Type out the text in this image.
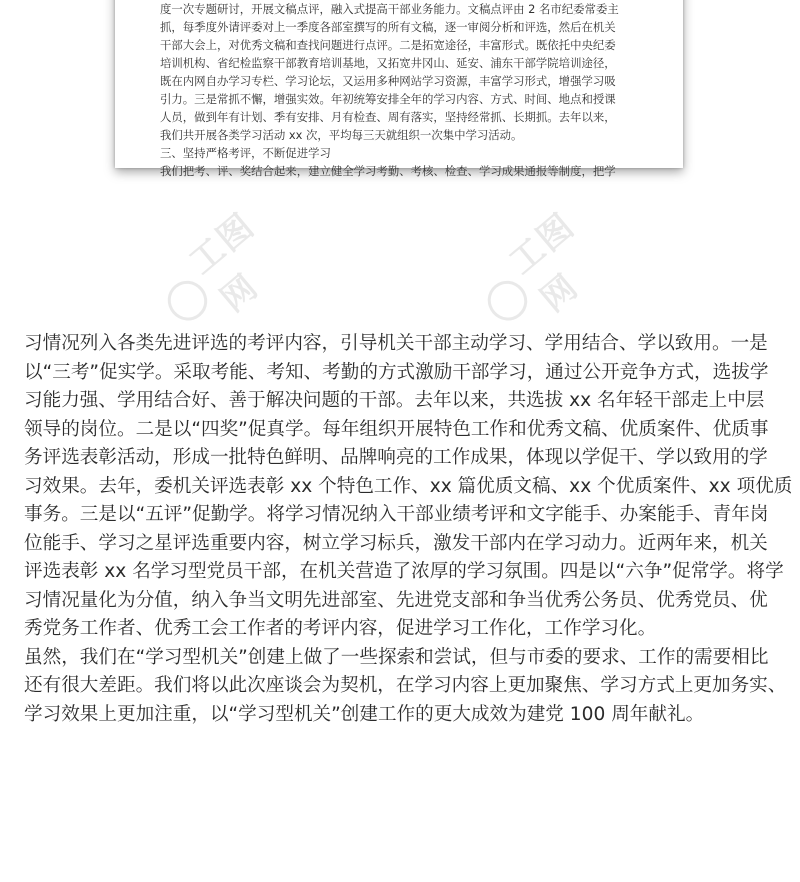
度一次专题研讨，开展文稿点评，融入式提高干部业务能力。文稿点评由 2 名市纪委常委主
抓，每季度外请评委对上一季度各部室撰写的所有文稿，逐一审阅分析和评选，然后在机关
干部大会上，对优秀文稿和查找问题进行点评。二是拓宽途径，丰富形式。既依托中央纪委
培训机构、省纪检监察干部教育培训基地，又拓宽井冈山、延安、浦东干部学院培训途径，
既在内网自办学习专栏、学习论坛，又运用多种网站学习资源，丰富学习形式，增强学习吸
引力。三是常抓不懈，增强实效。年初统筹安排全年的学习内容、方式、时间、地点和授课
人员，做到年有计划、季有安排、月有检查、周有落实，坚持经常抓、长期抓。去年以来，
我们共开展各类学习活动 xx 次，平均每三天就组织一次集中学习活动。
三、坚持严格考评，不断促进学习
我们把考、评、奖结合起来，建立健全学习考勤、考核、检查、学习成果通报等制度，把学
工图网
工图网
习情况列入各类先进评选的考评内容，引导机关干部主动学习、学用结合、学以致用。一是
以“三考”促实学。采取考能、考知、考勤的方式激励干部学习，通过公开竞争方式，选拔学
习能力强、学用结合好、善于解决问题的干部。去年以来，共选拔 xx 名年轻干部走上中层
领导的岗位。二是以“四奖”促真学。每年组织开展特色工作和优秀文稿、优质案件、优质事
务评选表彰活动，形成一批特色鲜明、品牌响亮的工作成果，体现以学促干、学以致用的学
习效果。去年，委机关评选表彰 xx 个特色工作、xx 篇优质文稿、xx 个优质案件、xx 项优质
事务。三是以“五评”促勤学。将学习情况纳入干部业绩考评和文字能手、办案能手、青年岗
位能手、学习之星评选重要内容，树立学习标兵，激发干部内在学习动力。近两年来，机关
评选表彰 xx 名学习型党员干部，在机关营造了浓厚的学习氛围。四是以“六争”促常学。将学
习情况量化为分值，纳入争当文明先进部室、先进党支部和争当优秀公务员、优秀党员、优
秀党务工作者、优秀工会工作者的考评内容，促进学习工作化，工作学习化。
虽然，我们在“学习型机关”创建上做了一些探索和尝试，但与市委的要求、工作的需要相比
还有很大差距。我们将以此次座谈会为契机，在学习内容上更加聚焦、学习方式上更加务实、
学习效果上更加注重，以“学习型机关”创建工作的更大成效为建党 100 周年献礼。
